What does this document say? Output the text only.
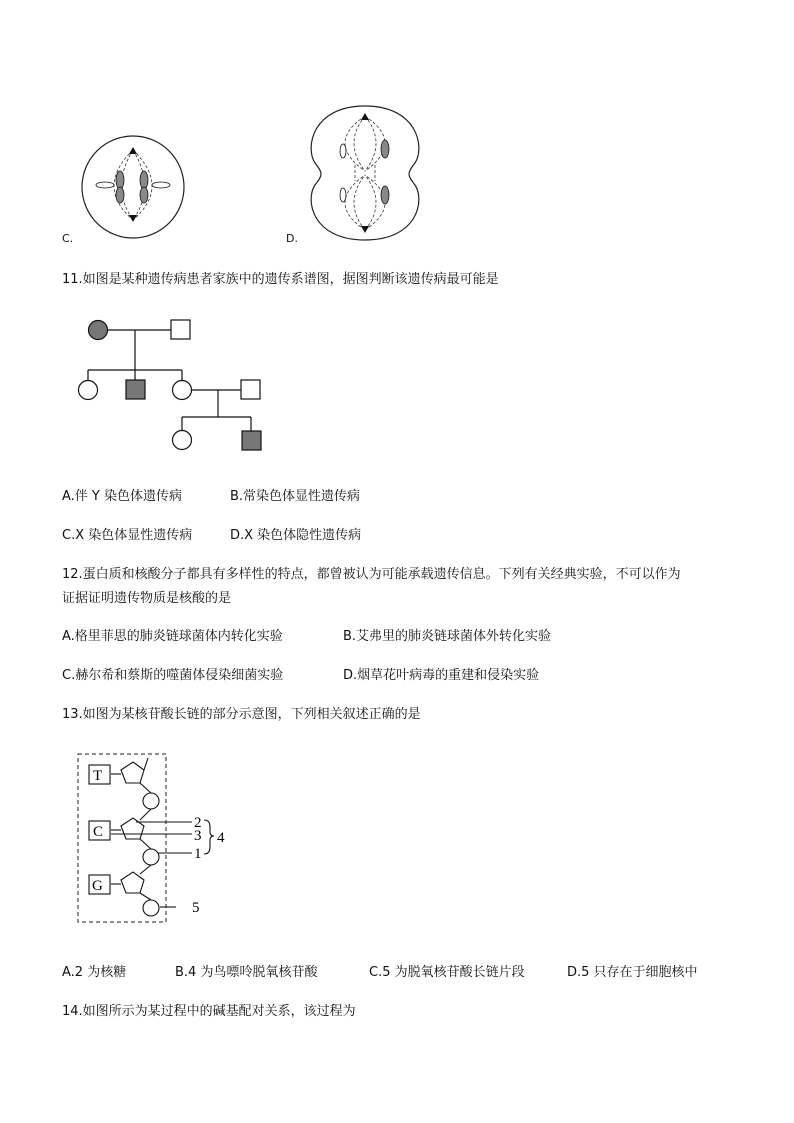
C.	D.
11.如图是某种遗传病患者家族中的遗传系谱图，据图判断该遗传病最可能是
A.伴 Y 染色体遗传病	B.常染色体显性遗传病
C.X 染色体显性遗传病	D.X 染色体隐性遗传病
12.蛋白质和核酸分子都具有多样性的特点，都曾被认为可能承载遗传信息。下列有关经典实验，不可以作为
证据证明遗传物质是核酸的是
A.格里菲思的肺炎链球菌体内转化实验	B.艾弗里的肺炎链球菌体外转化实验
C.赫尔希和蔡斯的噬菌体侵染细菌实验	D.烟草花叶病毒的重建和侵染实验
13.如图为某核苷酸长链的部分示意图，下列相关叙述正确的是
T
C
G
2
3
1
4
5
A.2 为核糖	B.4 为鸟嘌呤脱氧核苷酸	C.5 为脱氧核苷酸长链片段	D.5 只存在于细胞核中
14.如图所示为某过程中的碱基配对关系，该过程为
